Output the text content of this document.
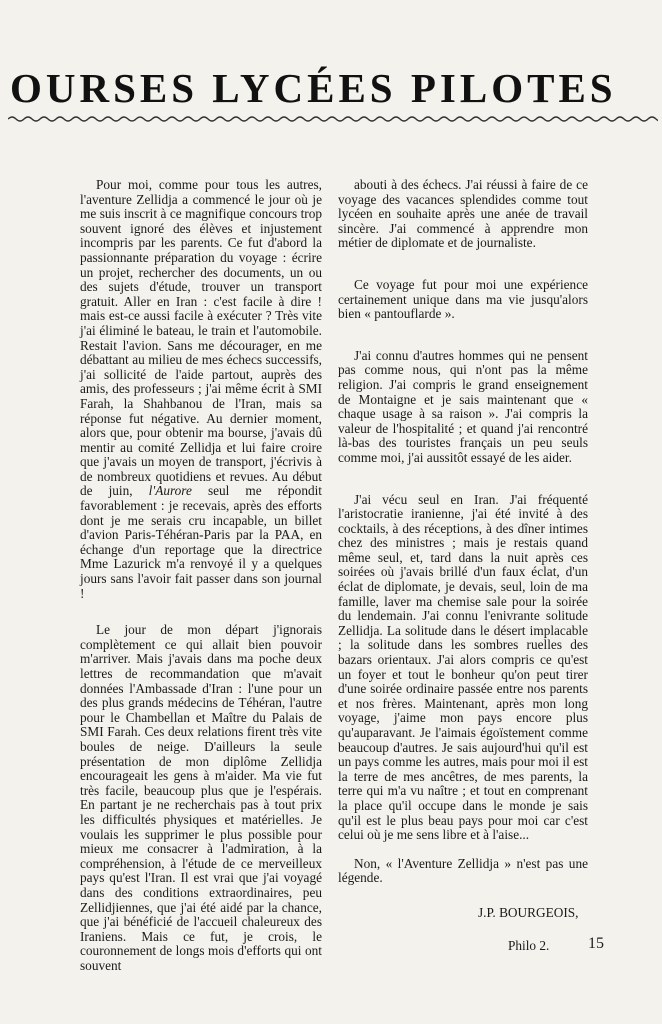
OURSES LYCÉES PILOTES

Pour moi, comme pour tous les autres, l'aventure Zellidja a commencé le jour où je me suis inscrit à ce magnifique concours trop souvent ignoré des élèves et injustement incompris par les parents. Ce fut d'abord la passionnante préparation du voyage : écrire un projet, rechercher des documents, un ou des sujets d'étude, trouver un transport gratuit. Aller en Iran : c'est facile à dire ! mais est-ce aussi facile à exécuter ? Très vite j'ai éliminé le bateau, le train et l'automobile. Restait l'avion. Sans me décourager, en me débattant au milieu de mes échecs successifs, j'ai sollicité de l'aide partout, auprès des amis, des professeurs ; j'ai même écrit à SMI Farah, la Shahbanou de l'Iran, mais sa réponse fut négative. Au dernier moment, alors que, pour obtenir ma bourse, j'avais dû mentir au comité Zellidja et lui faire croire que j'avais un moyen de transport, j'écrivis à de nombreux quotidiens et revues. Au début de juin, l'Aurore seul me répondit favorablement : je recevais, après des efforts dont je me serais cru incapable, un billet d'avion Paris-Téhéran-Paris par la PAA, en échange d'un reportage que la directrice Mme Lazurick m'a renvoyé il y a quelques jours sans l'avoir fait passer dans son journal !

Le jour de mon départ j'ignorais complètement ce qui allait bien pouvoir m'arriver. Mais j'avais dans ma poche deux lettres de recommandation que m'avait données l'Ambassade d'Iran : l'une pour un des plus grands médecins de Téhéran, l'autre pour le Chambellan et Maître du Palais de SMI Farah. Ces deux relations firent très vite boules de neige. D'ailleurs la seule présentation de mon diplôme Zellidja encourageait les gens à m'aider. Ma vie fut très facile, beaucoup plus que je l'espérais. En partant je ne recherchais pas à tout prix les difficultés physiques et matérielles. Je voulais les supprimer le plus possible pour mieux me consacrer à l'admiration, à la compréhension, à l'étude de ce merveilleux pays qu'est l'Iran. Il est vrai que j'ai voyagé dans des conditions extraordinaires, peu Zellidjiennes, que j'ai été aidé par la chance, que j'ai bénéficié de l'accueil chaleureux des Iraniens. Mais ce fut, je crois, le couronnement de longs mois d'efforts qui ont souvent

abouti à des échecs. J'ai réussi à faire de ce voyage des vacances splendides comme tout lycéen en souhaite après une anée de travail sincère. J'ai commencé à apprendre mon métier de diplomate et de journaliste.

Ce voyage fut pour moi une expérience certainement unique dans ma vie jusqu'alors bien « pantouflarde ».

J'ai connu d'autres hommes qui ne pensent pas comme nous, qui n'ont pas la même religion. J'ai compris le grand enseignement de Montaigne et je sais maintenant que « chaque usage à sa raison ». J'ai compris la valeur de l'hospitalité ; et quand j'ai rencontré là-bas des touristes français un peu seuls comme moi, j'ai aussitôt essayé de les aider.

J'ai vécu seul en Iran. J'ai fréquenté l'aristocratie iranienne, j'ai été invité à des cocktails, à des réceptions, à des dîner intimes chez des ministres ; mais je restais quand même seul, et, tard dans la nuit après ces soirées où j'avais brillé d'un faux éclat, d'un éclat de diplomate, je devais, seul, loin de ma famille, laver ma chemise sale pour la soirée du lendemain. J'ai connu l'enivrante solitude Zellidja. La solitude dans le désert implacable ; la solitude dans les sombres ruelles des bazars orientaux. J'ai alors compris ce qu'est un foyer et tout le bonheur qu'on peut tirer d'une soirée ordinaire passée entre nos parents et nos frères. Maintenant, après mon long voyage, j'aime mon pays encore plus qu'auparavant. Je l'aimais égoïstement comme beaucoup d'autres. Je sais aujourd'hui qu'il est un pays comme les autres, mais pour moi il est la terre de mes ancêtres, de mes parents, la terre qui m'a vu naître ; et tout en comprenant la place qu'il occupe dans le monde je sais qu'il est le plus beau pays pour moi car c'est celui où je me sens libre et à l'aise...

Non, « l'Aventure Zellidja » n'est pas une légende.

J.P. BOURGEOIS,

Philo 2.	15
